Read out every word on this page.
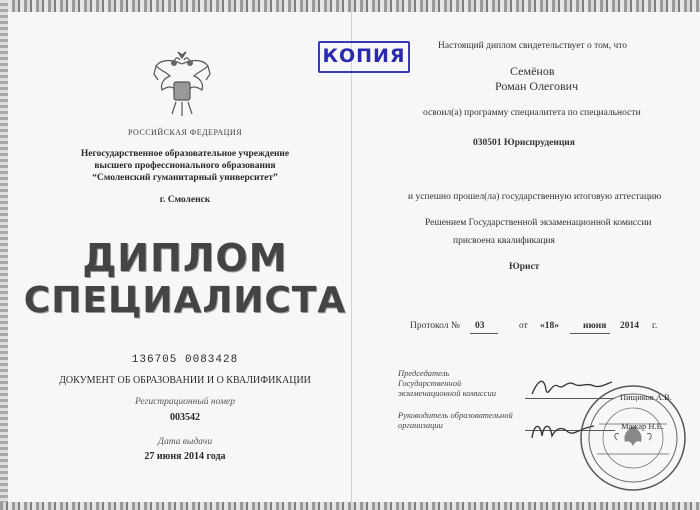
РОССИЙСКАЯ ФЕДЕРАЦИЯ
Негосударственное образовательное учреждение
высшего профессионального образования
“Смоленский гуманитарный университет”
г. Смоленск
ДИПЛОМ
СПЕЦИАЛИСТА
136705 0083428
ДОКУМЕНТ ОБ ОБРАЗОВАНИИ И О КВАЛИФИКАЦИИ
Регистрационный номер
003542
Дата выдачи
27 июня 2014 года
КОПИЯ	Настоящий диплом свидетельствует о том, что
Семёнов
Роман Олегович
освоил(а) программу специалитета по специальности
030501 Юриспруденция
и успешно прошел(ла) государственную итоговую аттестацию
Решением Государственной экзаменационной комиссии
присвоена квалификация
Юрист
Протокол № 03	от «18»	июня 2014 г.
Председатель
Государственной
экзаменационной комиссии
Руководитель образовательной
организации
Пищиков А.В.
Мажар Н.Е.
